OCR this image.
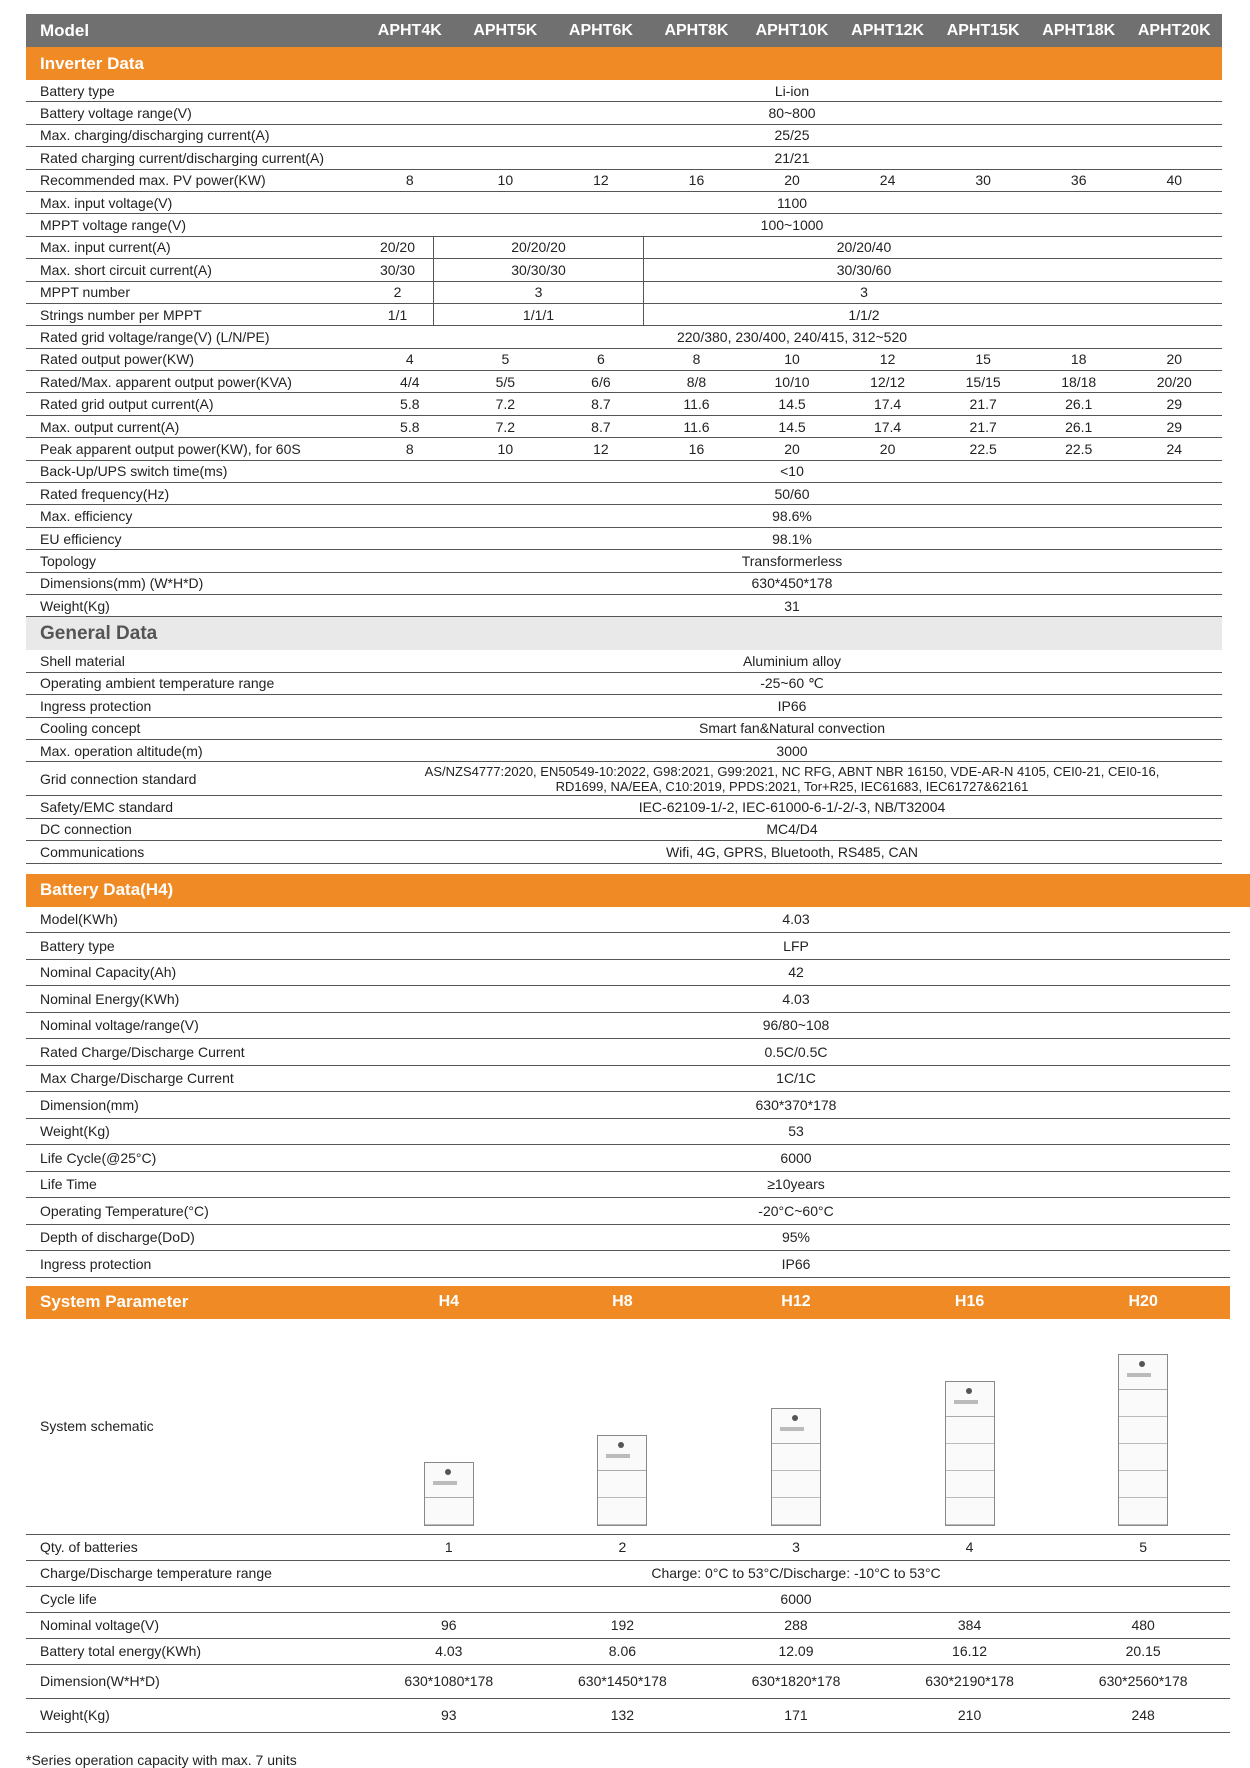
Model	APHT4K	APHT5K	APHT6K	APHT8K	APHT10K	APHT12K	APHT15K	APHT18K	APHT20K
Inverter Data
Battery type	Li-ion
Battery voltage range(V)	80~800
Max. charging/discharging current(A)	25/25
Rated charging current/discharging current(A)	21/21
Recommended max. PV power(KW)	8	10	12	16	20	24	30	36	40
Max. input voltage(V)	1100
MPPT voltage range(V)	100~1000
Max. input current(A)	20/20	20/20/20	20/20/40
Max. short circuit current(A)	30/30	30/30/30	30/30/60
MPPT number	2	3	3
Strings number per MPPT	1/1	1/1/1	1/1/2
Rated grid voltage/range(V) (L/N/PE)	220/380, 230/400, 240/415, 312~520
Rated output power(KW)	4	5	6	8	10	12	15	18	20
Rated/Max. apparent output power(KVA)	4/4	5/5	6/6	8/8	10/10	12/12	15/15	18/18	20/20
Rated grid output current(A)	5.8	7.2	8.7	11.6	14.5	17.4	21.7	26.1	29
Max. output current(A)	5.8	7.2	8.7	11.6	14.5	17.4	21.7	26.1	29
Peak apparent output power(KW), for 60S	8	10	12	16	20	20	22.5	22.5	24
Back-Up/UPS switch time(ms)	<10
Rated frequency(Hz)	50/60
Max. efficiency	98.6%
EU efficiency	98.1%
Topology	Transformerless
Dimensions(mm) (W*H*D)	630*450*178
Weight(Kg)	31
General Data
Shell material	Aluminium alloy
Operating ambient temperature range	-25~60 ℃
Ingress protection	IP66
Cooling concept	Smart fan&Natural convection
Max. operation altitude(m)	3000
Grid connection standard	AS/NZS4777:2020, EN50549-10:2022, G98:2021, G99:2021, NC RFG, ABNT NBR 16150, VDE-AR-N 4105, CEI0-21, CEI0-16, RD1699, NA/EEA, C10:2019, PPDS:2021, Tor+R25, IEC61683, IEC61727&62161
Safety/EMC standard	IEC-62109-1/-2, IEC-61000-6-1/-2/-3, NB/T32004
DC connection	MC4/D4
Communications	Wifi, 4G, GPRS, Bluetooth, RS485, CAN
Battery Data(H4)
Model(KWh)	4.03
Battery type	LFP
Nominal Capacity(Ah)	42
Nominal Energy(KWh)	4.03
Nominal voltage/range(V)	96/80~108
Rated Charge/Discharge Current	0.5C/0.5C
Max Charge/Discharge Current	1C/1C
Dimension(mm)	630*370*178
Weight(Kg)	53
Life Cycle(@25°C)	6000
Life Time	≥10years
Operating Temperature(°C)	-20°C~60°C
Depth of discharge(DoD)	95%
Ingress protection	IP66
System Parameter	H4	H8	H12	H16	H20
System schematic
Qty. of batteries	1	2	3	4	5
Charge/Discharge temperature range	Charge: 0°C to 53°C/Discharge: -10°C to 53°C
Cycle life	6000
Nominal voltage(V)	96	192	288	384	480
Battery total energy(KWh)	4.03	8.06	12.09	16.12	20.15
Dimension(W*H*D)	630*1080*178	630*1450*178	630*1820*178	630*2190*178	630*2560*178
Weight(Kg)	93	132	171	210	248
*Series operation capacity with max. 7 units
